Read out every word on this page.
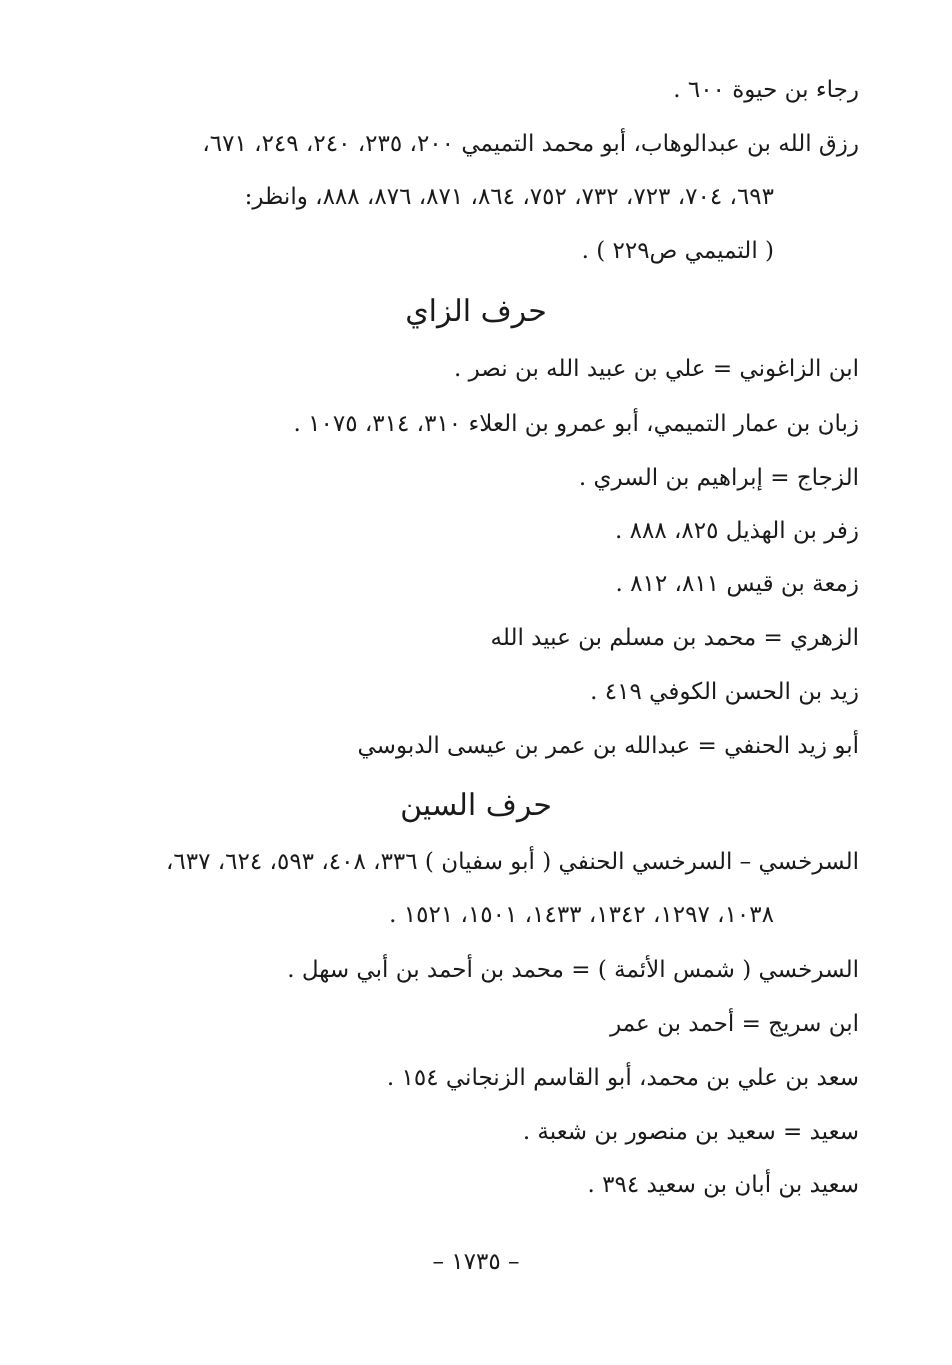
رجاء بن حيوة ٦٠٠ .
رزق الله بن عبدالوهاب، أبو محمد التميمي ٢٠٠، ٢٣٥، ٢٤٠، ٢٤٩، ٦٧١،
٦٩٣، ٧٠٤، ٧٢٣، ٧٣٢، ٧٥٢، ٨٦٤، ٨٧١، ٨٧٦، ٨٨٨، وانظر:
( التميمي ص٢٢٩ ) .
حرف الزاي
ابن الزاغوني = علي بن عبيد الله بن نصر .
زبان بن عمار التميمي، أبو عمرو بن العلاء ٣١٠، ٣١٤، ١٠٧٥ .
الزجاج = إبراهيم بن السري .
زفر بن الهذيل ٨٢٥، ٨٨٨ .
زمعة بن قيس ٨١١، ٨١٢ .
الزهري = محمد بن مسلم بن عبيد الله
زيد بن الحسن الكوفي ٤١٩ .
أبو زيد الحنفي = عبدالله بن عمر بن عيسى الدبوسي
حرف السين
السرخسي – السرخسي الحنفي ( أبو سفيان ) ٣٣٦، ٤٠٨، ٥٩٣، ٦٢٤، ٦٣٧،
١٠٣٨، ١٢٩٧، ١٣٤٢، ١٤٣٣، ١٥٠١، ١٥٢١ .
السرخسي ( شمس الأئمة ) = محمد بن أحمد بن أبي سهل .
ابن سريج = أحمد بن عمر
سعد بن علي بن محمد، أبو القاسم الزنجاني ١٥٤ .
سعيد = سعيد بن منصور بن شعبة .
سعيد بن أبان بن سعيد ٣٩٤ .
– ١٧٣٥ –
